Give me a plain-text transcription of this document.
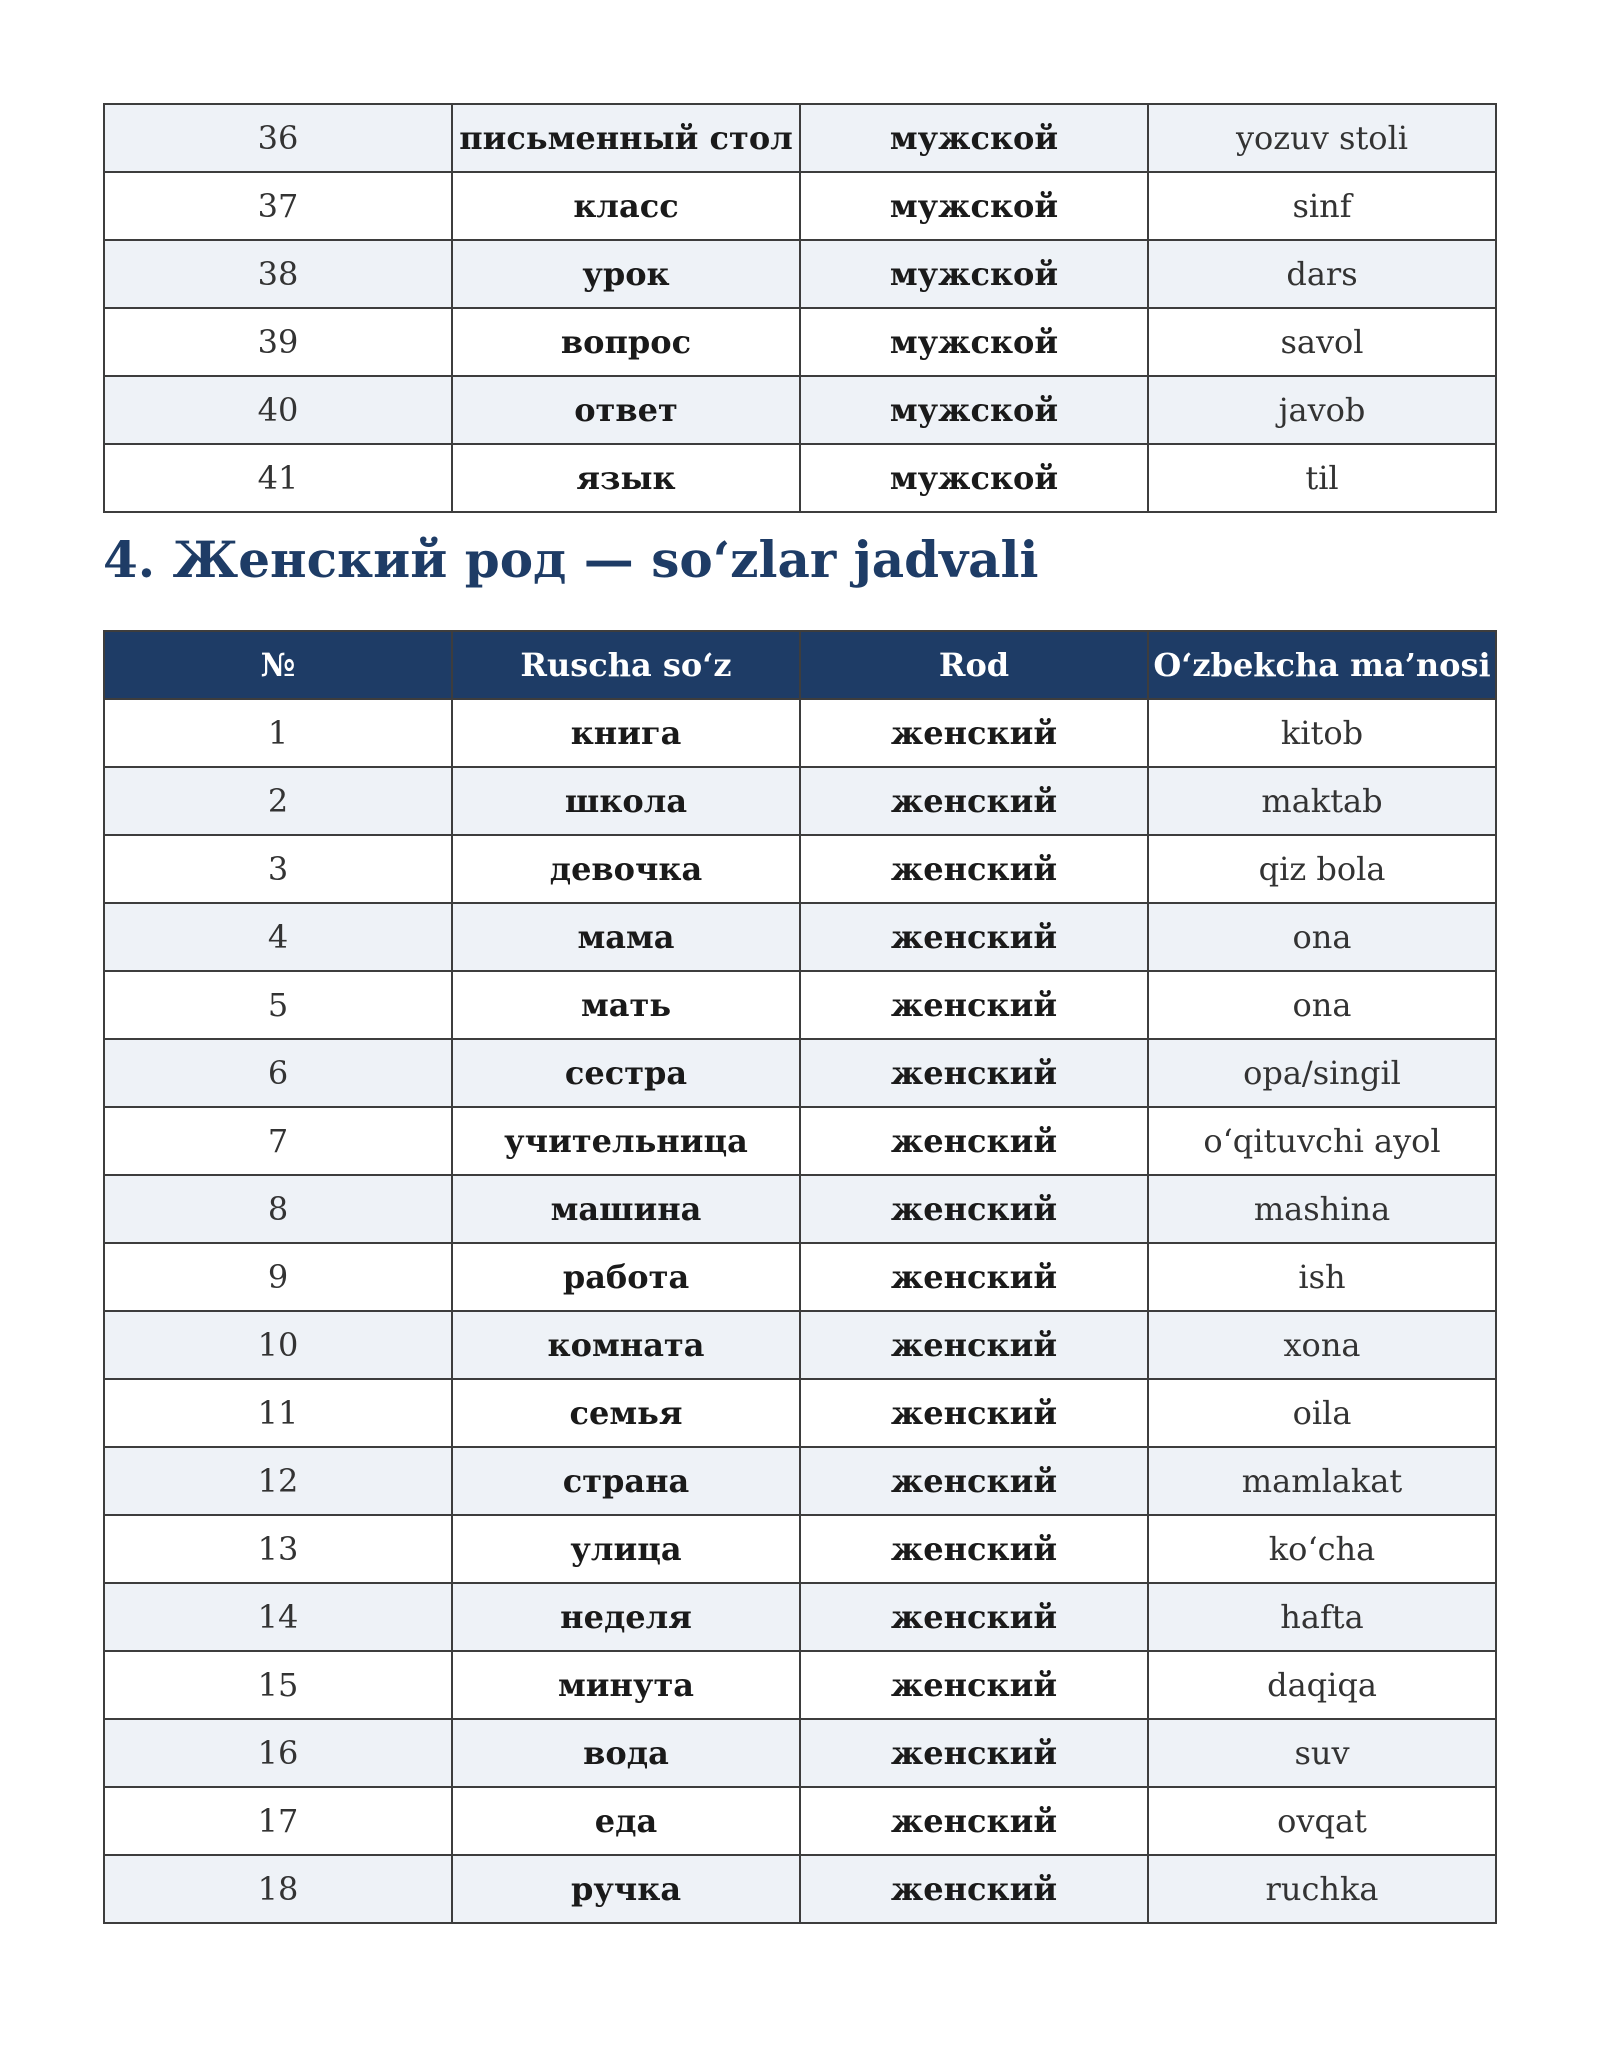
36	письменный стол	мужской	yozuv stoli
37	класс	мужской	sinf
38	урок	мужской	dars
39	вопрос	мужской	savol
40	ответ	мужской	javob
41	язык	мужской	til
4. Женский род — so‘zlar jadvali
№	Ruscha so‘z	Rod	O‘zbekcha ma’nosi
1	книга	женский	kitob
2	школа	женский	maktab
3	девочка	женский	qiz bola
4	мама	женский	ona
5	мать	женский	ona
6	сестра	женский	opa/singil
7	учительница	женский	o‘qituvchi ayol
8	машина	женский	mashina
9	работа	женский	ish
10	комната	женский	xona
11	семья	женский	oila
12	страна	женский	mamlakat
13	улица	женский	ko‘cha
14	неделя	женский	hafta
15	минута	женский	daqiqa
16	вода	женский	suv
17	еда	женский	ovqat
18	ручка	женский	ruchka
